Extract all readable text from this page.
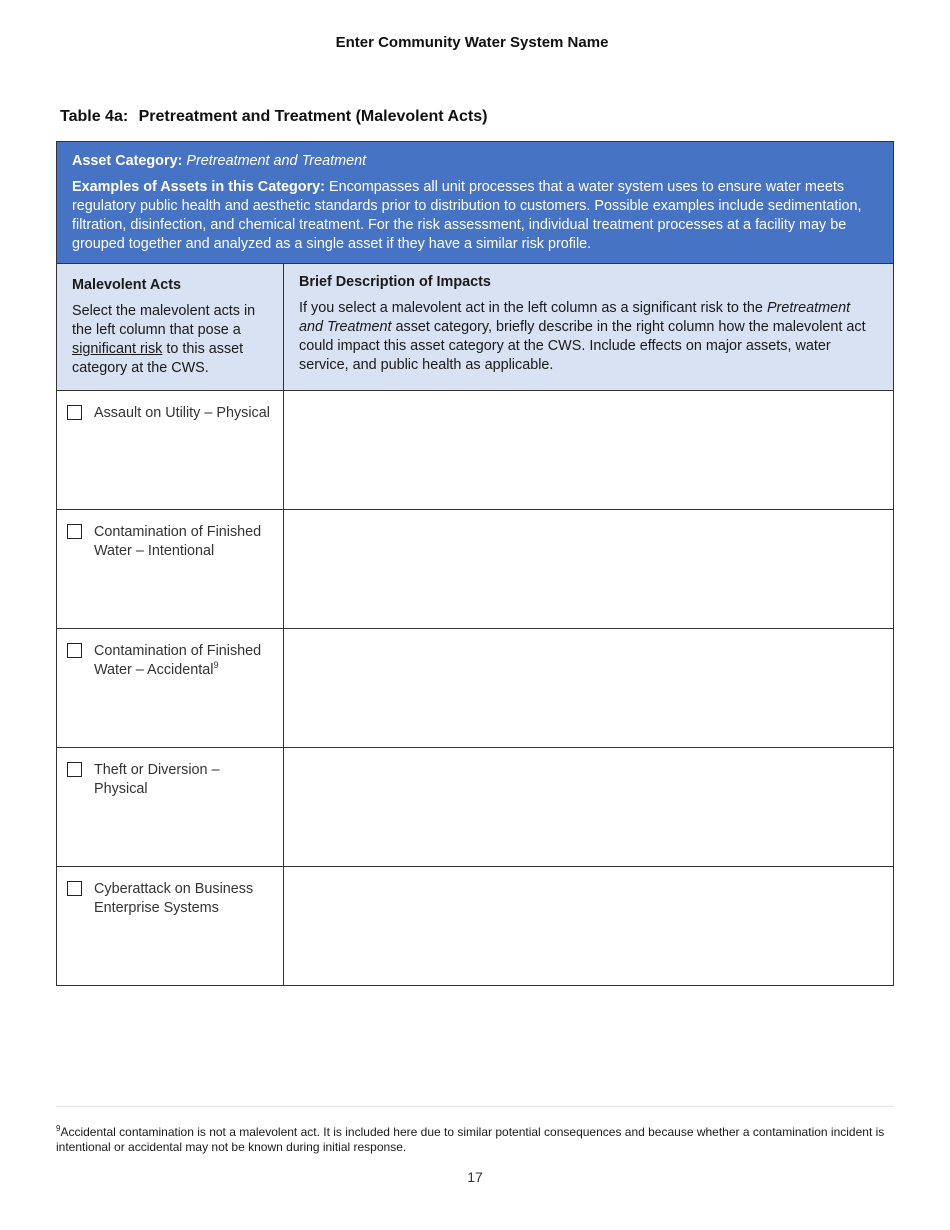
Enter Community Water System Name
Table 4a: Pretreatment and Treatment (Malevolent Acts)
Asset Category: Pretreatment and Treatment
Examples of Assets in this Category: Encompasses all unit processes that a water system uses to ensure water meets regulatory public health and aesthetic standards prior to distribution to customers. Possible examples include sedimentation, filtration, disinfection, and chemical treatment. For the risk assessment, individual treatment processes at a facility may be grouped together and analyzed as a single asset if they have a similar risk profile.
Malevolent Acts
Select the malevolent acts in the left column that pose a significant risk to this asset category at the CWS.
Brief Description of Impacts
If you select a malevolent act in the left column as a significant risk to the Pretreatment and Treatment asset category, briefly describe in the right column how the malevolent act could impact this asset category at the CWS. Include effects on major assets, water service, and public health as applicable.
Assault on Utility – Physical
Contamination of Finished Water – Intentional
Contamination of Finished Water – Accidental$^9$
Theft or Diversion – Physical
Cyberattack on Business Enterprise Systems
$^9$Accidental contamination is not a malevolent act. It is included here due to similar potential consequences and because whether a contamination incident is intentional or accidental may not be known during initial response.
17
